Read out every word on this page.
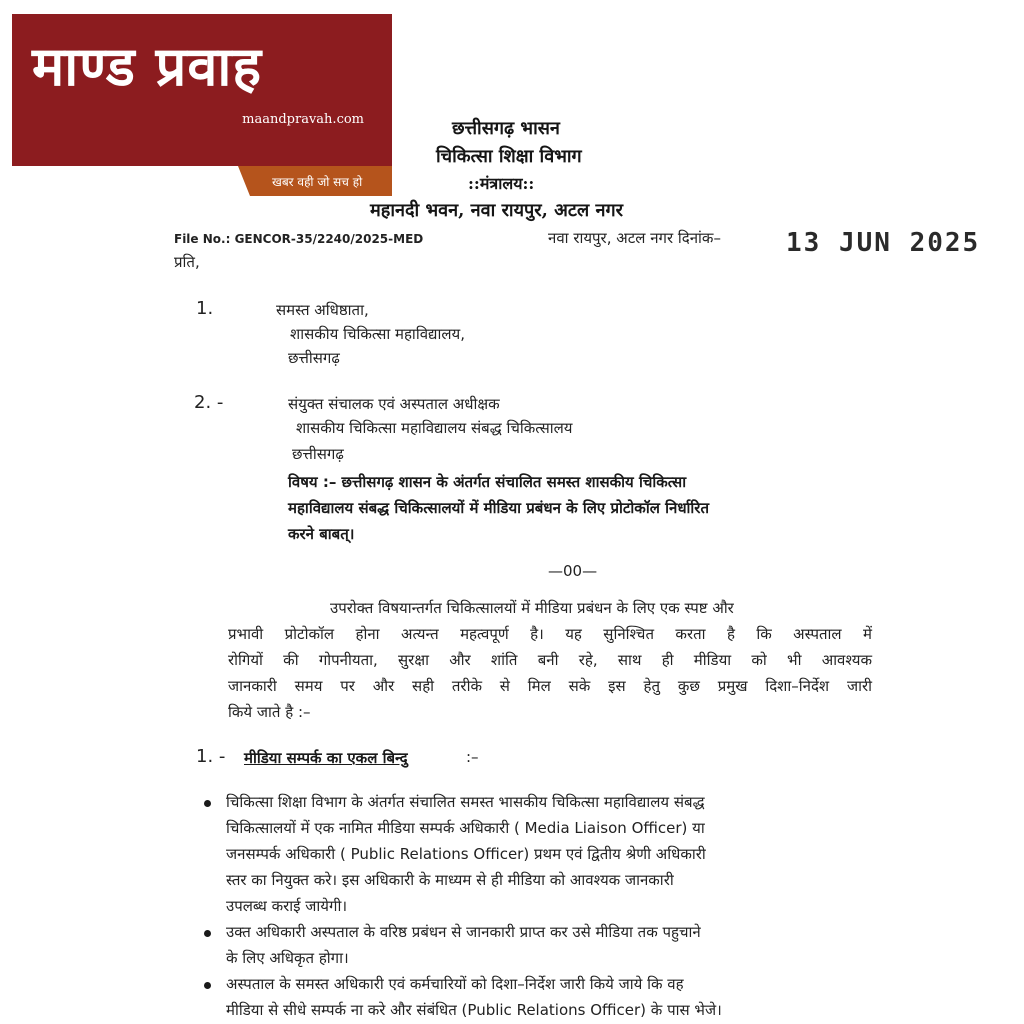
माण्ड प्रवाह
maandpravah.com
खबर वही जो सच हो
छत्तीसगढ़ भासन
चिकित्सा शिक्षा विभाग
::मंत्रालय::
महानदी भवन, नवा रायपुर, अटल नगर
File No.: GENCOR-35/2240/2025-MED	नवा रायपुर, अटल नगर दिनांक–	13 JUN 2025
प्रति,
1.	समस्त अधिष्ठाता,
शासकीय चिकित्सा महाविद्यालय,
छत्तीसगढ़
2. -	संयुक्त संचालक एवं अस्पताल अधीक्षक
शासकीय चिकित्सा महाविद्यालय संबद्ध चिकित्सालय
छत्तीसगढ़
विषय :– छत्तीसगढ़ शासन के अंतर्गत संचालित समस्त शासकीय चिकित्सा
महाविद्यालय संबद्ध चिकित्सालयों में मीडिया प्रबंधन के लिए प्रोटोकॉल निर्धारित
करने बाबत्।
—00—
उपरोक्त विषयान्तर्गत चिकित्सालयों में मीडिया प्रबंधन के लिए एक स्पष्ट और
प्रभावी प्रोटोकॉल होना अत्यन्त महत्वपूर्ण है। यह सुनिश्चित करता है कि अस्पताल में
रोगियों की गोपनीयता, सुरक्षा और शांति बनी रहे, साथ ही मीडिया को भी आवश्यक
जानकारी समय पर और सही तरीके से मिल सके इस हेतु कुछ प्रमुख दिशा–निर्देश जारी
किये जाते है :–
1. - मीडिया सम्पर्क का एकल बिन्दु	:–
चिकित्सा शिक्षा विभाग के अंतर्गत संचालित समस्त भासकीय चिकित्सा महाविद्यालय संबद्ध
चिकित्सालयों में एक नामित मीडिया सम्पर्क अधिकारी ( Media Liaison Officer) या
जनसम्पर्क अधिकारी ( Public Relations Officer) प्रथम एवं द्वितीय श्रेणी अधिकारी
स्तर का नियुक्त करे। इस अधिकारी के माध्यम से ही मीडिया को आवश्यक जानकारी
उपलब्ध कराई जायेगी।
उक्त अधिकारी अस्पताल के वरिष्ठ प्रबंधन से जानकारी प्राप्त कर उसे मीडिया तक पहुचाने
के लिए अधिकृत होगा।
अस्पताल के समस्त अधिकारी एवं कर्मचारियों को दिशा–निर्देश जारी किये जाये कि वह
मीडिया से सीधे सम्पर्क ना करे और संबंधित (Public Relations Officer) के पास भेजे।
